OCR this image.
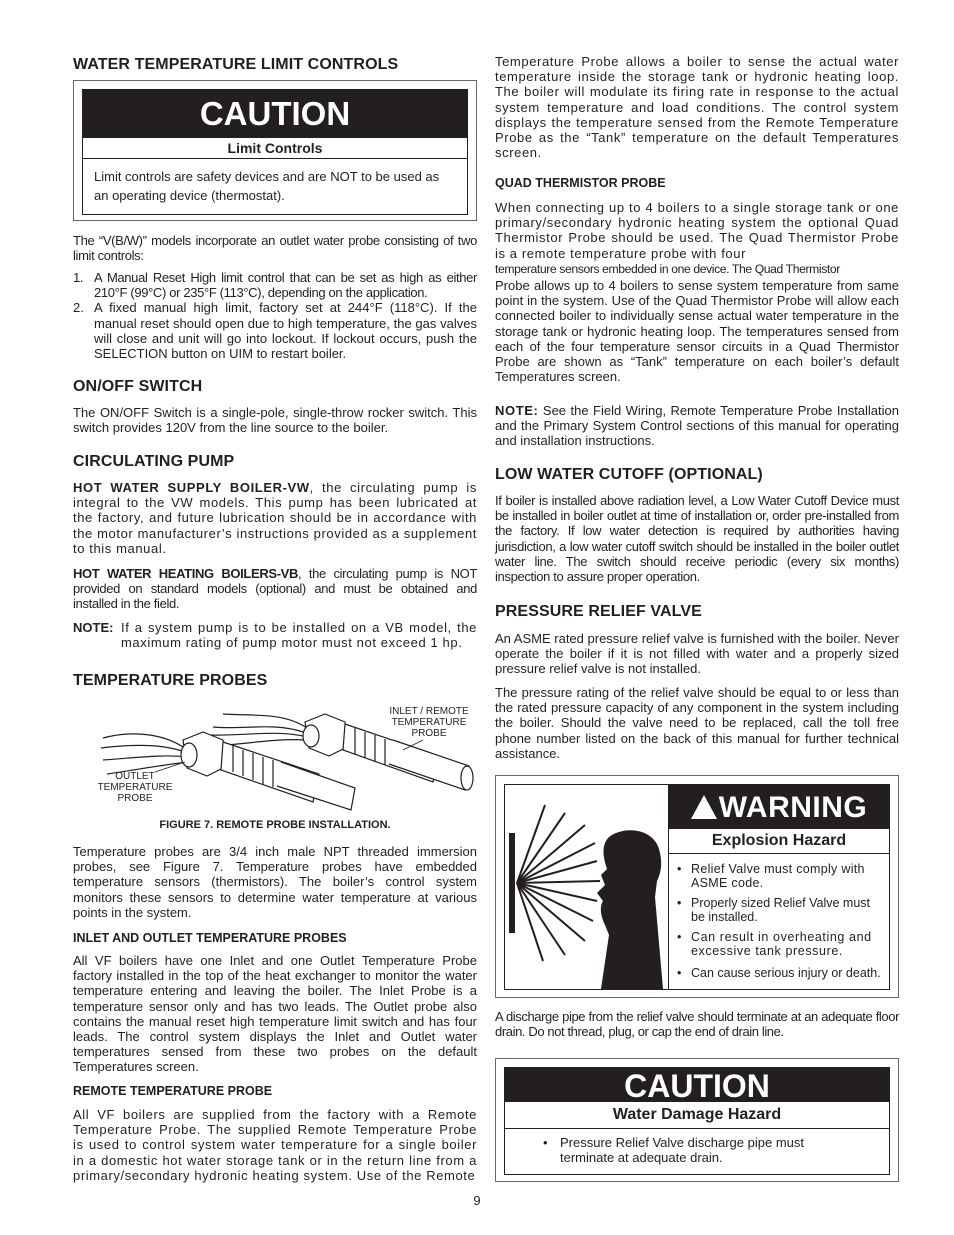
WATER TEMPERATURE LIMIT CONTROLS
CAUTION
Limit Controls
Limit controls are safety devices and are NOT to be used as an operating device (thermostat).

The “V(B/W)” models incorporate an outlet water probe consisting of two limit controls:

1. A Manual Reset High limit control that can be set as high as either 210°F (99°C) or 235°F (113°C), depending on the application.
2. A fixed manual high limit, factory set at 244°F (118°C). If the manual reset should open due to high temperature, the gas valves will close and unit will go into lockout. If lockout occurs, push the SELECTION button on UIM to restart boiler.
ON/OFF SWITCH

The ON/OFF Switch is a single-pole, single-throw rocker switch. This switch provides 120V from the line source to the boiler.

CIRCULATING PUMP

HOT WATER SUPPLY BOILER-VW, the circulating pump is integral to the VW models. This pump has been lubricated at the factory, and future lubrication should be in accordance with the motor manufacturer’s instructions provided as a supplement to this manual.

HOT WATER HEATING BOILERS-VB, the circulating pump is NOT provided on standard models (optional) and must be obtained and installed in the field.

NOTE: If a system pump is to be installed on a VB model, the maximum rating of pump motor must not exceed 1 hp.

TEMPERATURE PROBES
INLET / REMOTE
TEMPERATURE
PROBE
OUTLET
TEMPERATURE
PROBE
FIGURE 7. REMOTE PROBE INSTALLATION.

Temperature probes are 3/4 inch male NPT threaded immersion probes, see Figure 7. Temperature probes have embedded temperature sensors (thermistors). The boiler’s control system monitors these sensors to determine water temperature at various points in the system.

INLET AND OUTLET TEMPERATURE PROBES

All VF boilers have one Inlet and one Outlet Temperature Probe factory installed in the top of the heat exchanger to monitor the water temperature entering and leaving the boiler. The Inlet Probe is a temperature sensor only and has two leads. The Outlet probe also contains the manual reset high temperature limit switch and has four leads. The control system displays the Inlet and Outlet water temperatures sensed from these two probes on the default Temperatures screen.

REMOTE TEMPERATURE PROBE

All VF boilers are supplied from the factory with a Remote Temperature Probe. The supplied Remote Temperature Probe is used to control system water temperature for a single boiler in a domestic hot water storage tank or in the return line from a primary/secondary hydronic heating system. Use of the Remote

Temperature Probe allows a boiler to sense the actual water temperature inside the storage tank or hydronic heating loop. The boiler will modulate its firing rate in response to the actual system temperature and load conditions. The control system displays the temperature sensed from the Remote Temperature Probe as the “Tank” temperature on the default Temperatures screen.

QUAD THERMISTOR PROBE

When connecting up to 4 boilers to a single storage tank or one primary/secondary hydronic heating system the optional Quad Thermistor Probe should be used. The Quad Thermistor Probe is a remote temperature probe with four

temperature sensors embedded in one device. The Quad Thermistor

Probe allows up to 4 boilers to sense system temperature from same point in the system. Use of the Quad Thermistor Probe will allow each connected boiler to individually sense actual water temperature in the storage tank or hydronic heating loop. The temperatures sensed from each of the four temperature sensor circuits in a Quad Thermistor Probe are shown as “Tank” temperature on each boiler’s default Temperatures screen.

NOTE: See the Field Wiring, Remote Temperature Probe Installation and the Primary System Control sections of this manual for operating and installation instructions.

LOW WATER CUTOFF (OPTIONAL)

If boiler is installed above radiation level, a Low Water Cutoff Device must be installed in boiler outlet at time of installation or, order pre-installed from the factory. If low water detection is required by authorities having jurisdiction, a low water cutoff switch should be installed in the boiler outlet water line. The switch should receive periodic (every six months) inspection to assure proper operation.

PRESSURE RELIEF VALVE

An ASME rated pressure relief valve is furnished with the boiler. Never operate the boiler if it is not filled with water and a properly sized pressure relief valve is not installed.

The pressure rating of the relief valve should be equal to or less than the rated pressure capacity of any component in the system including the boiler. Should the valve need to be replaced, call the toll free phone number listed on the back of this manual for further technical assistance.

WARNING
Explosion Hazard
• Relief Valve must comply with ASME code.
• Properly sized Relief Valve must be installed.
• Can result in overheating and excessive tank pressure.
• Can cause serious injury or death.

A discharge pipe from the relief valve should terminate at an adequate floor drain. Do not thread, plug, or cap the end of drain line.

CAUTION
Water Damage Hazard
• Pressure Relief Valve discharge pipe must terminate at adequate drain.
9
